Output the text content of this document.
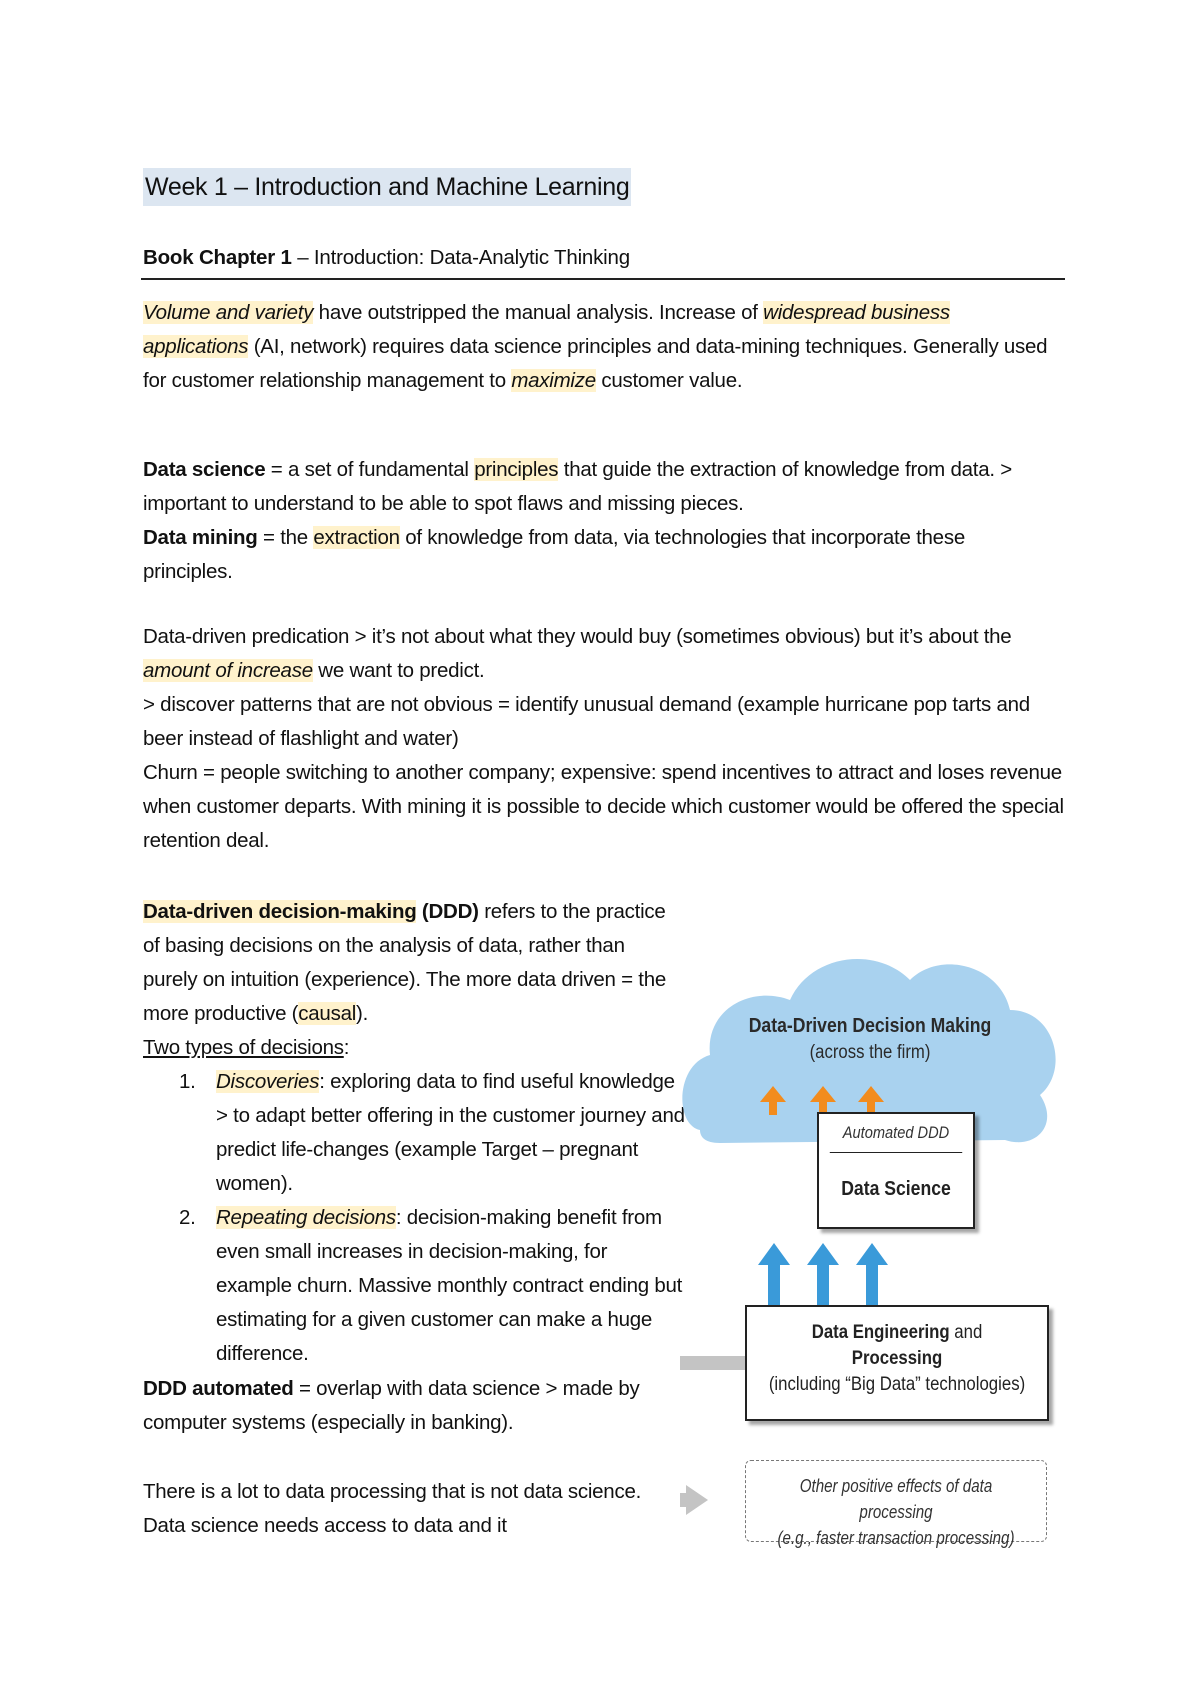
Week 1 – Introduction and Machine Learning
Book Chapter 1 – Introduction: Data-Analytic Thinking

Volume and variety have outstripped the manual analysis. Increase of widespread business applications (AI, network) requires data science principles and data-mining techniques. Generally used for customer relationship management to maximize customer value.

Data science = a set of fundamental principles that guide the extraction of knowledge from data. > important to understand to be able to spot flaws and missing pieces.
Data mining = the extraction of knowledge from data, via technologies that incorporate these principles.

Data-driven predication > it’s not about what they would buy (sometimes obvious) but it’s about the amount of increase we want to predict.
> discover patterns that are not obvious = identify unusual demand (example hurricane pop tarts and beer instead of flashlight and water)
Churn = people switching to another company; expensive: spend incentives to attract and loses revenue when customer departs. With mining it is possible to decide which customer would be offered the special retention deal.

Data-driven decision-making (DDD) refers to the practice of basing decisions on the analysis of data, rather than purely on intuition (experience). The more data driven = the more productive (causal).
Two types of decisions:

1. Discoveries: exploring data to find useful knowledge > to adapt better offering in the customer journey and predict life-changes (example Target – pregnant women).
2. Repeating decisions: decision-making benefit from even small increases in decision-making, for example churn. Massive monthly contract ending but estimating for a given customer can make a huge difference.

DDD automated = overlap with data science > made by computer systems (especially in banking).

There is a lot to data processing that is not data science. Data science needs access to data and it

Data-Driven Decision Making
(across the firm)
Automated DDD
Data Science
Data Engineering and
Processing
(including “Big Data” technologies)
Other positive effects of data processing
(e.g., faster transaction processing)
